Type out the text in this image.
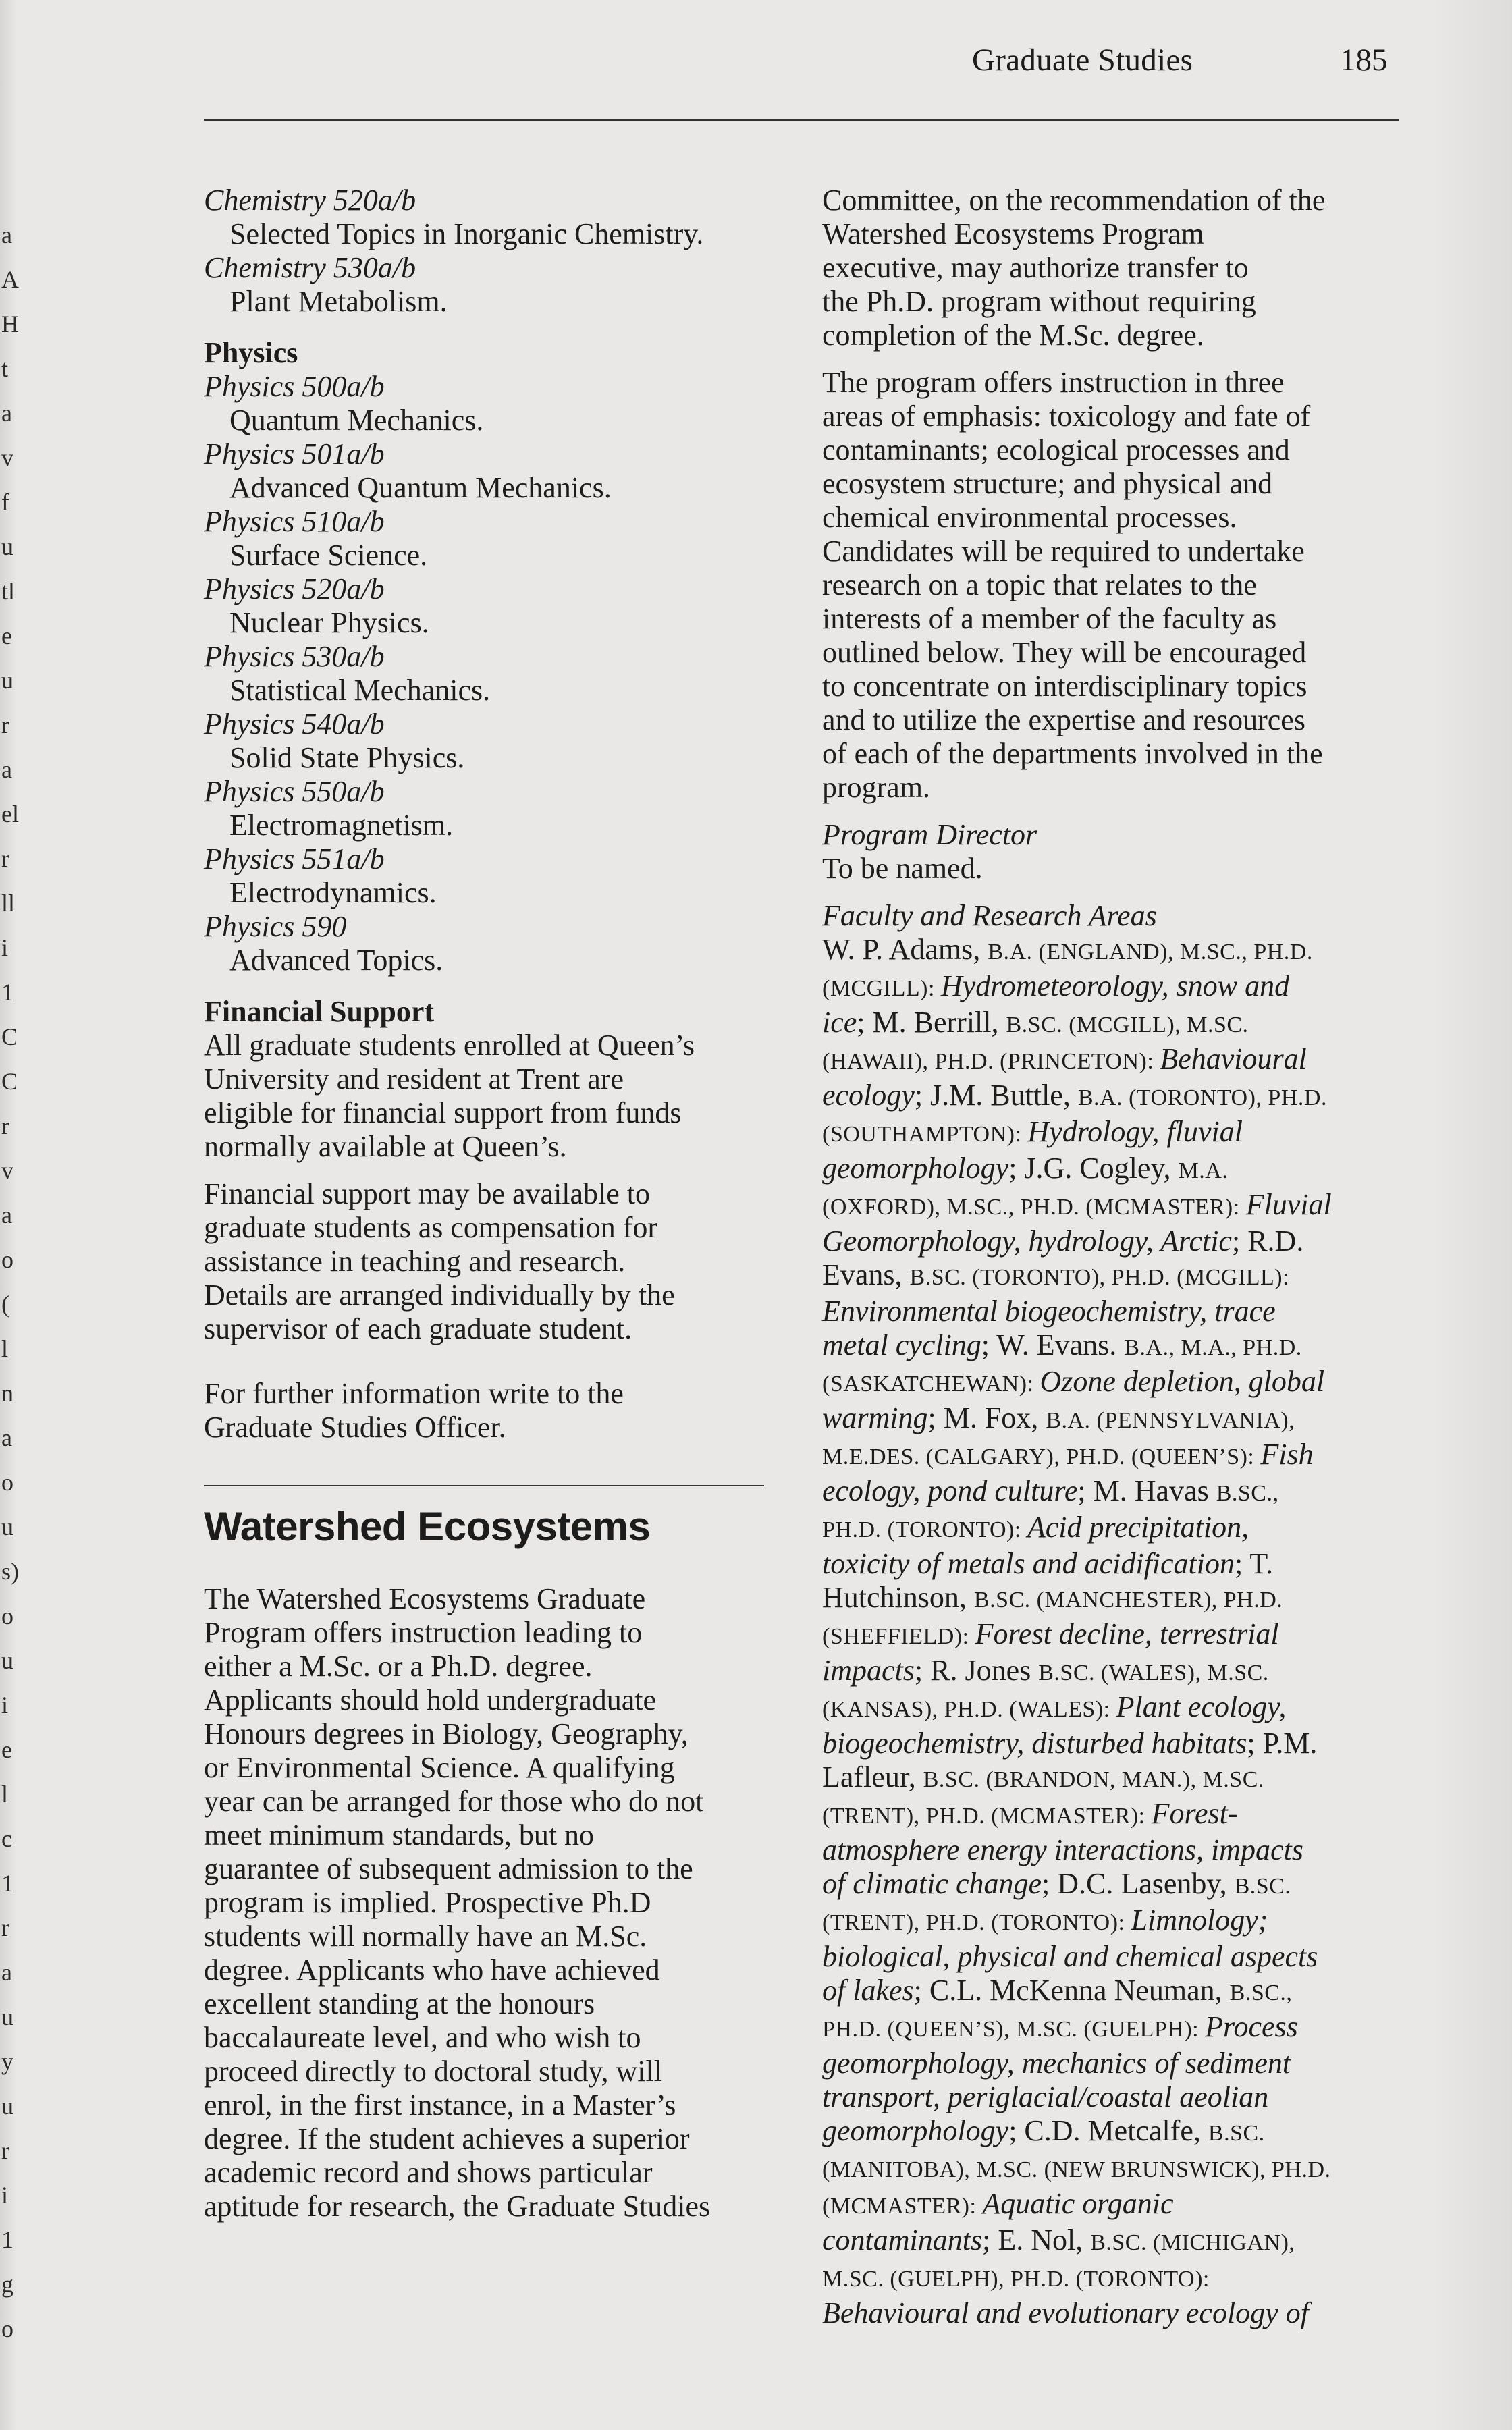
a
A
H
t
a
v
f
u
tl
e
u
r
a
el
r
ll
i
1
C
C
r
v
a
o
(
l
n
a
o
u
s)
o
u
i
e
l
c
1
r
a
u
y
u
r
i
1
g
o
Graduate Studies	185
Chemistry 520a/b
Selected Topics in Inorganic Chemistry.
Chemistry 530a/b
Plant Metabolism.
Physics
Physics 500a/b
Quantum Mechanics.
Physics 501a/b
Advanced Quantum Mechanics.
Physics 510a/b
Surface Science.
Physics 520a/b
Nuclear Physics.
Physics 530a/b
Statistical Mechanics.
Physics 540a/b
Solid State Physics.
Physics 550a/b
Electromagnetism.
Physics 551a/b
Electrodynamics.
Physics 590
Advanced Topics.
Financial Support

All graduate students enrolled at Queen’s
University and resident at Trent are
eligible for financial support from funds
normally available at Queen’s.

Financial support may be available to
graduate students as compensation for
assistance in teaching and research.
Details are arranged individually by the
supervisor of each graduate student.

For further information write to the
Graduate Studies Officer.

Watershed Ecosystems
The Watershed Ecosystems Graduate
Program offers instruction leading to
either a M.Sc. or a Ph.D. degree.
Applicants should hold undergraduate
Honours degrees in Biology, Geography,
or Environmental Science. A qualifying
year can be arranged for those who do not
meet minimum standards, but no
guarantee of subsequent admission to the
program is implied. Prospective Ph.D
students will normally have an M.Sc.
degree. Applicants who have achieved
excellent standing at the honours
baccalaureate level, and who wish to
proceed directly to doctoral study, will
enrol, in the first instance, in a Master’s
degree. If the student achieves a superior
academic record and shows particular
aptitude for research, the Graduate Studies
Committee, on the recommendation of the
Watershed Ecosystems Program
executive, may authorize transfer to
the Ph.D. program without requiring
completion of the M.Sc. degree.
The program offers instruction in three
areas of emphasis: toxicology and fate of
contaminants; ecological processes and
ecosystem structure; and physical and
chemical environmental processes.
Candidates will be required to undertake
research on a topic that relates to the
interests of a member of the faculty as
outlined below. They will be encouraged
to concentrate on interdisciplinary topics
and to utilize the expertise and resources
of each of the departments involved in the
program.
Program Director
To be named.
Faculty and Research Areas
W. P. Adams, B.A. (ENGLAND), M.SC., PH.D.
(MCGILL): Hydrometeorology, snow and
ice; M. Berrill, B.SC. (MCGILL), M.SC.
(HAWAII), PH.D. (PRINCETON): Behavioural
ecology; J.M. Buttle, B.A. (TORONTO), PH.D.
(SOUTHAMPTON): Hydrology, fluvial
geomorphology; J.G. Cogley, M.A.
(OXFORD), M.SC., PH.D. (MCMASTER): Fluvial
Geomorphology, hydrology, Arctic; R.D.
Evans, B.SC. (TORONTO), PH.D. (MCGILL):
Environmental biogeochemistry, trace
metal cycling; W. Evans. B.A., M.A., PH.D.
(SASKATCHEWAN): Ozone depletion, global
warming; M. Fox, B.A. (PENNSYLVANIA),
M.E.DES. (CALGARY), PH.D. (QUEEN’S): Fish
ecology, pond culture; M. Havas B.SC.,
PH.D. (TORONTO): Acid precipitation,
toxicity of metals and acidification; T.
Hutchinson, B.SC. (MANCHESTER), PH.D.
(SHEFFIELD): Forest decline, terrestrial
impacts; R. Jones B.SC. (WALES), M.SC.
(KANSAS), PH.D. (WALES): Plant ecology,
biogeochemistry, disturbed habitats; P.M.
Lafleur, B.SC. (BRANDON, MAN.), M.SC.
(TRENT), PH.D. (MCMASTER): Forest-
atmosphere energy interactions, impacts
of climatic change; D.C. Lasenby, B.SC.
(TRENT), PH.D. (TORONTO): Limnology;
biological, physical and chemical aspects
of lakes; C.L. McKenna Neuman, B.SC.,
PH.D. (QUEEN’S), M.SC. (GUELPH): Process
geomorphology, mechanics of sediment
transport, periglacial/coastal aeolian
geomorphology; C.D. Metcalfe, B.SC.
(MANITOBA), M.SC. (NEW BRUNSWICK), PH.D.
(MCMASTER): Aquatic organic
contaminants; E. Nol, B.SC. (MICHIGAN),
M.SC. (GUELPH), PH.D. (TORONTO):
Behavioural and evolutionary ecology of
